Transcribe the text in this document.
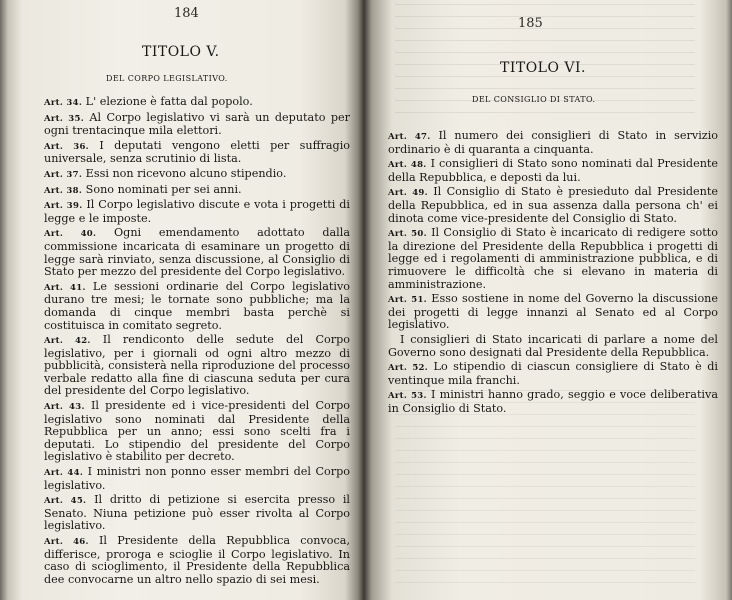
184
TITOLO V.
DEL CORPO LEGISLATIVO.

Art. 34. L' elezione è fatta dal popolo.

Art. 35. Al Corpo legislativo vi sarà un deputato per ogni trentacinque mila elettori.

Art. 36. I deputati vengono eletti per suffragio universale, senza scrutinio di lista.

Art. 37. Essi non ricevono alcuno stipendio.

Art. 38. Sono nominati per sei anni.

Art. 39. Il Corpo legislativo discute e vota i progetti di legge e le imposte.

Art. 40. Ogni emendamento adottato dalla commissione incaricata di esaminare un progetto di legge sarà rinviato, senza discussione, al Consiglio di Stato per mezzo del presidente del Corpo legislativo.

Art. 41. Le sessioni ordinarie del Corpo legislativo durano tre mesi; le tornate sono pubbliche; ma la domanda di cinque membri basta perchè si costituisca in comitato segreto.

Art. 42. Il rendiconto delle sedute del Corpo legislativo, per i giornali od ogni altro mezzo di pubblicità, consisterà nella riproduzione del processo verbale redatto alla fine di ciascuna seduta per cura del presidente del Corpo legislativo.

Art. 43. Il presidente ed i vice-presidenti del Corpo legislativo sono nominati dal Presidente della Repubblica per un anno; essi sono scelti fra i deputati. Lo stipendio del presidente del Corpo legislativo è stabilito per decreto.

Art. 44. I ministri non ponno esser membri del Corpo legislativo.

Art. 45. Il dritto di petizione si esercita presso il Senato. Niuna petizione può esser rivolta al Corpo legislativo.

Art. 46. Il Presidente della Repubblica convoca, differisce, proroga e scioglie il Corpo legislativo. In caso di scioglimento, il Presidente della Repubblica dee convocarne un altro nello spazio di sei mesi.

185
TITOLO VI.
DEL CONSIGLIO DI STATO.

Art. 47. Il numero dei consiglieri di Stato in servizio ordinario è di quaranta a cinquanta.

Art. 48. I consiglieri di Stato sono nominati dal Presidente della Repubblica, e deposti da lui.

Art. 49. Il Consiglio di Stato è presieduto dal Presidente della Repubblica, ed in sua assenza dalla persona ch' ei dinota come vice-presidente del Consiglio di Stato.

Art. 50. Il Consiglio di Stato è incaricato di redigere sotto la direzione del Presidente della Repubblica i progetti di legge ed i regolamenti di amministrazione pubblica, e di rimuovere le difficoltà che si elevano in materia di amministrazione.

Art. 51. Esso sostiene in nome del Governo la discussione dei progetti di legge innanzi al Senato ed al Corpo legislativo.

I consiglieri di Stato incaricati di parlare a nome del Governo sono designati dal Presidente della Repubblica.

Art. 52. Lo stipendio di ciascun consigliere di Stato è di ventinque mila franchi.

Art. 53. I ministri hanno grado, seggio e voce deliberativa in Consiglio di Stato.
